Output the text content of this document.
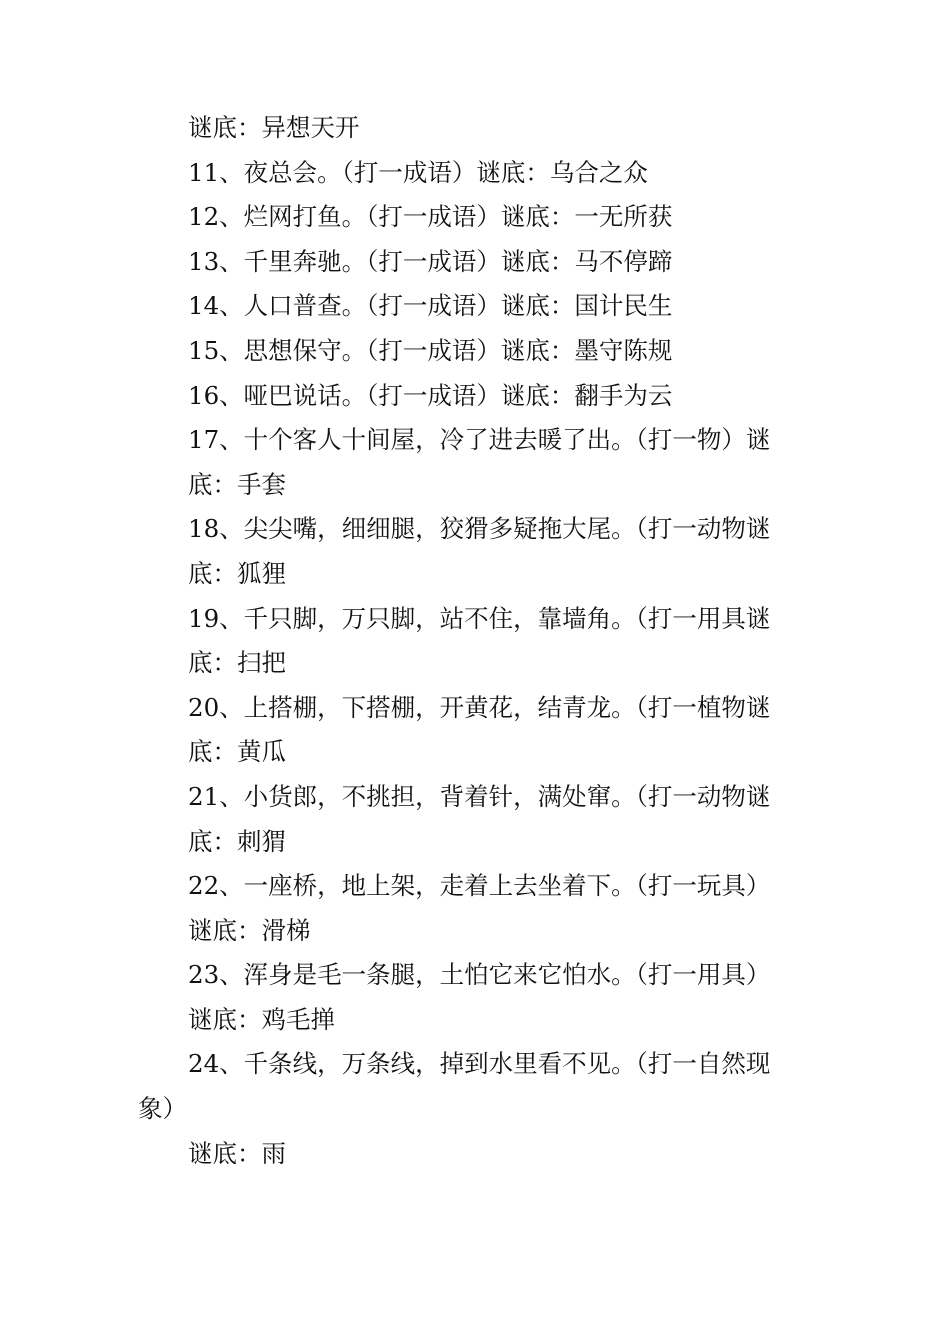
谜底：异想天开
11、夜总会。（打一成语）谜底：乌合之众
12、烂网打鱼。（打一成语）谜底：一无所获
13、千里奔驰。（打一成语）谜底：马不停蹄
14、人口普查。（打一成语）谜底：国计民生
15、思想保守。（打一成语）谜底：墨守陈规
16、哑巴说话。（打一成语）谜底：翻手为云
17、十个客人十间屋，冷了进去暖了出。（打一物）谜
底：手套
18、尖尖嘴，细细腿，狡猾多疑拖大尾。（打一动物谜
底：狐狸
19、千只脚，万只脚，站不住，靠墙角。（打一用具谜
底：扫把
20、上搭棚，下搭棚，开黄花，结青龙。（打一植物谜
底：黄瓜
21、小货郎，不挑担，背着针，满处窜。（打一动物谜
底：刺猬
22、一座桥，地上架，走着上去坐着下。（打一玩具）
谜底：滑梯
23、浑身是毛一条腿，土怕它来它怕水。（打一用具）
谜底：鸡毛掸
24、千条线，万条线，掉到水里看不见。（打一自然现
象）
谜底：雨
